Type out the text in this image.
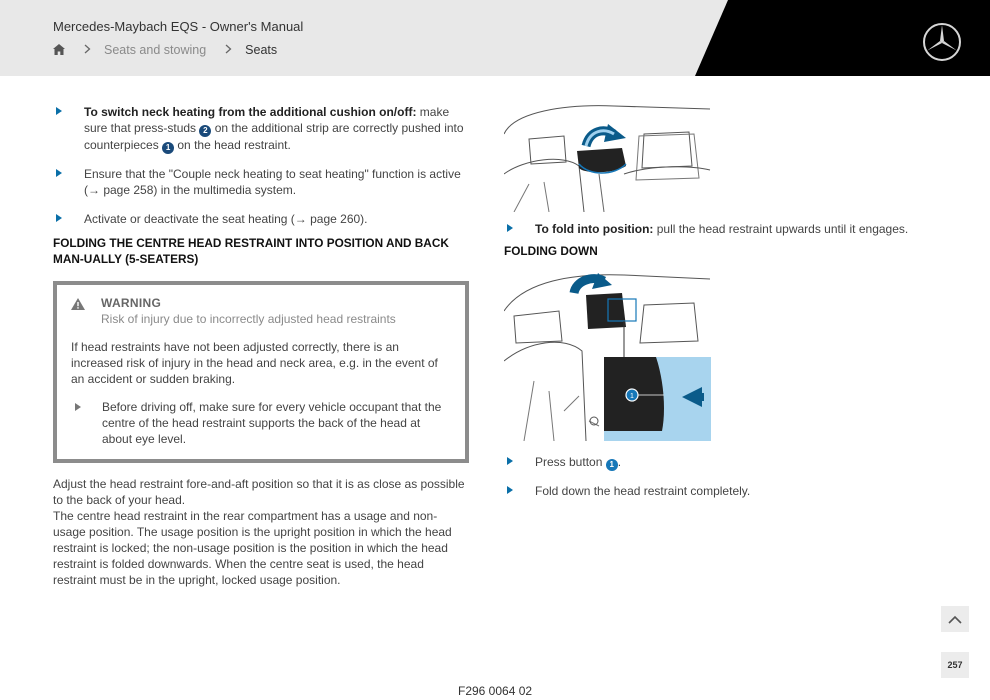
Mercedes-Maybach EQS - Owner's Manual
Seats and stowing	Seats
To switch neck heating from the additional cushion on/off: make sure that press-studs 2 on the additional strip are correctly pushed into counterpieces 1 on the head restraint.
Ensure that the "Couple neck heating to seat heating" function is active (→ page 258) in the multimedia system.
Activate or deactivate the seat heating (→ page 260).
FOLDING THE CENTRE HEAD RESTRAINT INTO POSITION AND BACK MAN-UALLY (5-SEATERS)
WARNING
Risk of injury due to incorrectly adjusted head restraints
If head restraints have not been adjusted correctly, there is an increased risk of injury in the head and neck area, e.g. in the event of an accident or sudden braking.
Before driving off, make sure for every vehicle occupant that the centre of the head restraint supports the back of the head at about eye level.
Adjust the head restraint fore-and-aft position so that it is as close as possible to the back of your head.
The centre head restraint in the rear compartment has a usage and non-usage position. The usage position is the upright position in which the head restraint is locked; the non-usage position is the position in which the head restraint is folded downwards. When the centre seat is used, the head restraint must be in the upright, locked usage position.
To fold into position: pull the head restraint upwards until it engages.
FOLDING DOWN
1
Press button 1 .
Fold down the head restraint completely.
257
F296 0064 02
